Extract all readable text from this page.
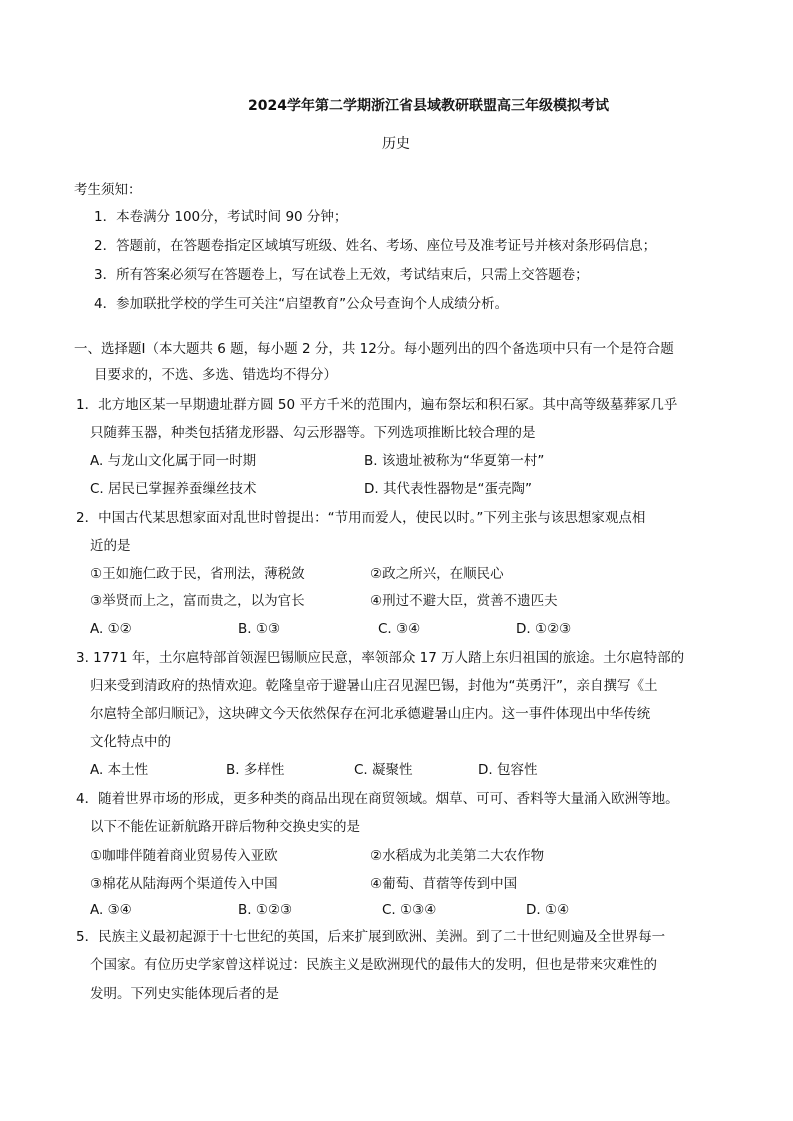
2024学年第二学期浙江省县域教研联盟高三年级模拟考试
历史
考生须知：
1．本卷满分 100分，考试时间 90 分钟；
2．答题前，在答题卷指定区域填写班级、姓名、考场、座位号及准考证号并核对条形码信息；
3．所有答案必须写在答题卷上，写在试卷上无效，考试结束后，只需上交答题卷；
4．参加联批学校的学生可关注“启望教育”公众号查询个人成绩分析。
一、选择题Ⅰ（本大题共 6 题，每小题 2 分，共 12分。每小题列出的四个备选项中只有一个是符合题
目要求的，不选、多选、错选均不得分）
1．北方地区某一早期遗址群方圆 50 平方千米的范围内，遍布祭坛和积石冢。其中高等级墓葬冢几乎
只随葬玉器，种类包括猪龙形器、勾云形器等。下列选项推断比较合理的是
A. 与龙山文化属于同一时期	B. 该遗址被称为“华夏第一村”
C. 居民已掌握养蚕缫丝技术	D. 其代表性器物是“蛋壳陶”
2．中国古代某思想家面对乱世时曾提出：“节用而爱人，使民以时。”下列主张与该思想家观点相
近的是
①王如施仁政于民，省刑法，薄税敛	②政之所兴，在顺民心
③举贤而上之，富而贵之，以为官长	④刑过不避大臣，赏善不遗匹夫
A. ①②	B. ①③	C. ③④	D. ①②③
3. 1771 年，土尔扈特部首领渥巴锡顺应民意，率领部众 17 万人踏上东归祖国的旅途。土尔扈特部的
归来受到清政府的热情欢迎。乾隆皇帝于避暑山庄召见渥巴锡，封他为“英勇汗”，亲自撰写《土
尔扈特全部归顺记》，这块碑文今天依然保存在河北承德避暑山庄内。这一事件体现出中华传统
文化特点中的
A. 本土性	B. 多样性	C. 凝聚性	D. 包容性
4．随着世界市场的形成，更多种类的商品出现在商贸领域。烟草、可可、香料等大量涌入欧洲等地。
以下不能佐证新航路开辟后物种交换史实的是
①咖啡伴随着商业贸易传入亚欧	②水稻成为北美第二大农作物
③棉花从陆海两个渠道传入中国	④葡萄、苜蓿等传到中国
A. ③④	B. ①②③	C. ①③④	D. ①④
5．民族主义最初起源于十七世纪的英国，后来扩展到欧洲、美洲。到了二十世纪则遍及全世界每一
个国家。有位历史学家曾这样说过：民族主义是欧洲现代的最伟大的发明，但也是带来灾难性的
发明。下列史实能体现后者的是
